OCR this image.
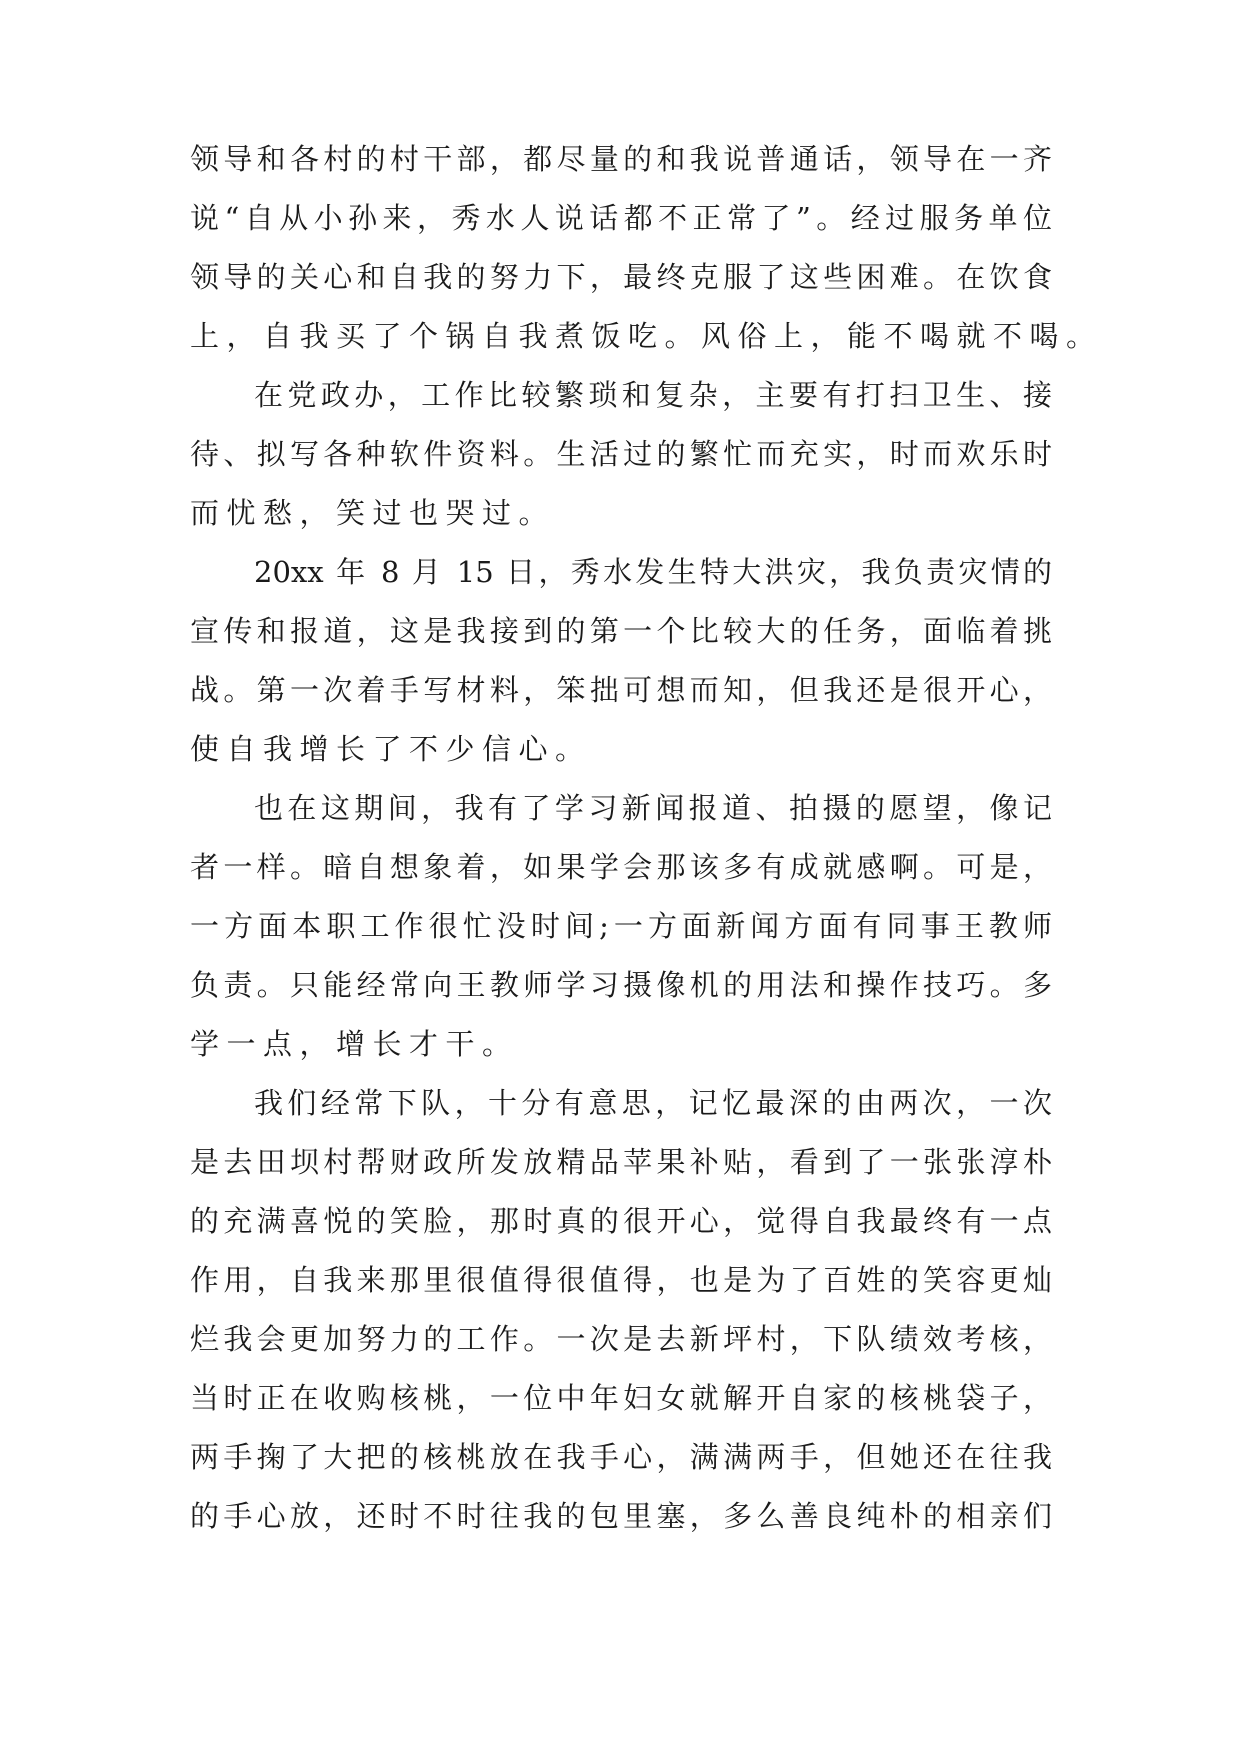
领导和各村的村干部，都尽量的和我说普通话，领导在一齐
说“自从小孙来，秀水人说话都不正常了”。经过服务单位
领导的关心和自我的努力下，最终克服了这些困难。在饮食
上，自我买了个锅自我煮饭吃。风俗上，能不喝就不喝。
在党政办，工作比较繁琐和复杂，主要有打扫卫生、接
待、拟写各种软件资料。生活过的繁忙而充实，时而欢乐时
而忧愁，笑过也哭过。
20xx 年 8 月 15 日，秀水发生特大洪灾，我负责灾情的
宣传和报道，这是我接到的第一个比较大的任务，面临着挑
战。第一次着手写材料，笨拙可想而知，但我还是很开心，
使自我增长了不少信心。
也在这期间，我有了学习新闻报道、拍摄的愿望，像记
者一样。暗自想象着，如果学会那该多有成就感啊。可是，
一方面本职工作很忙没时间;一方面新闻方面有同事王教师
负责。只能经常向王教师学习摄像机的用法和操作技巧。多
学一点，增长才干。
我们经常下队，十分有意思，记忆最深的由两次，一次
是去田坝村帮财政所发放精品苹果补贴，看到了一张张淳朴
的充满喜悦的笑脸，那时真的很开心，觉得自我最终有一点
作用，自我来那里很值得很值得，也是为了百姓的笑容更灿
烂我会更加努力的工作。一次是去新坪村，下队绩效考核，
当时正在收购核桃，一位中年妇女就解开自家的核桃袋子，
两手掬了大把的核桃放在我手心，满满两手，但她还在往我
的手心放，还时不时往我的包里塞，多么善良纯朴的相亲们
